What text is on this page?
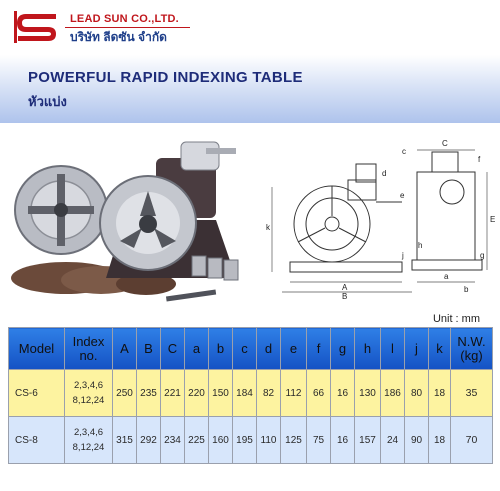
LEAD SUN CO.,LTD.
บริษัท ลีดซัน จำกัด
POWERFUL RAPID INDEXING TABLE
หัวแบ่ง
k
A
B
C
E
d
e
j
h
a
b
c
f
g
Unit : mm
Model	Index
no.	A	B	C	a	b	c	d	e	f	g	h	l	j	k	N.W.
(kg)

CS-6	2,3,4,6
8,12,24	250	235	221	220	150	184	82	112	66	16	130	186	80	18	35
CS-8	2,3,4,6
8,12,24	315	292	234	225	160	195	110	125	75	16	157	24	90	18	70
